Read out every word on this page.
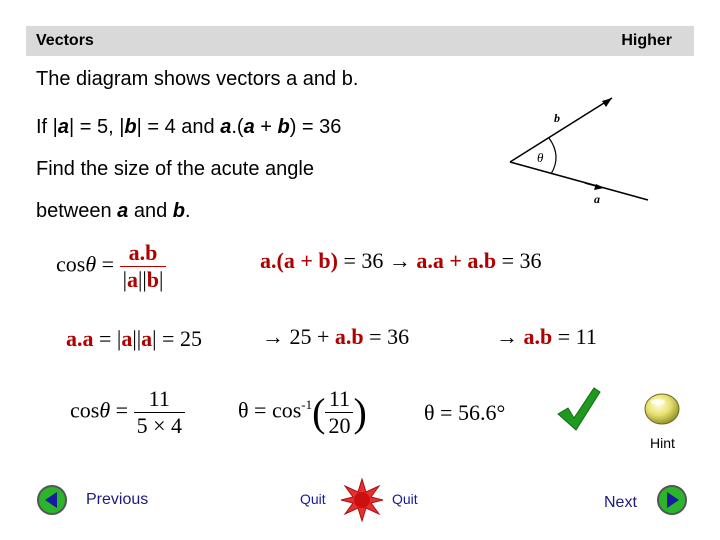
Vectors	Higher
The diagram shows vectors a and b.
If |a| = 5, |b| = 4 and a.(a + b) = 36
Find the size of the acute angle
between a and b.
b
θ
a
$\cos\theta = \frac{a.b}{|a||b|}$	a.(a + b) = 36 → a.a + a.b = 36
a.a = |a||a| = 25	→ 25 + a.b = 36	→ a.b = 11
$\cos\theta = \frac{11}{5 \times 4}$ $\theta = \cos^{-1}( \frac{11}{20}$ )	θ = 56.6°
Hint
Previous	Quit	Quit	Next
